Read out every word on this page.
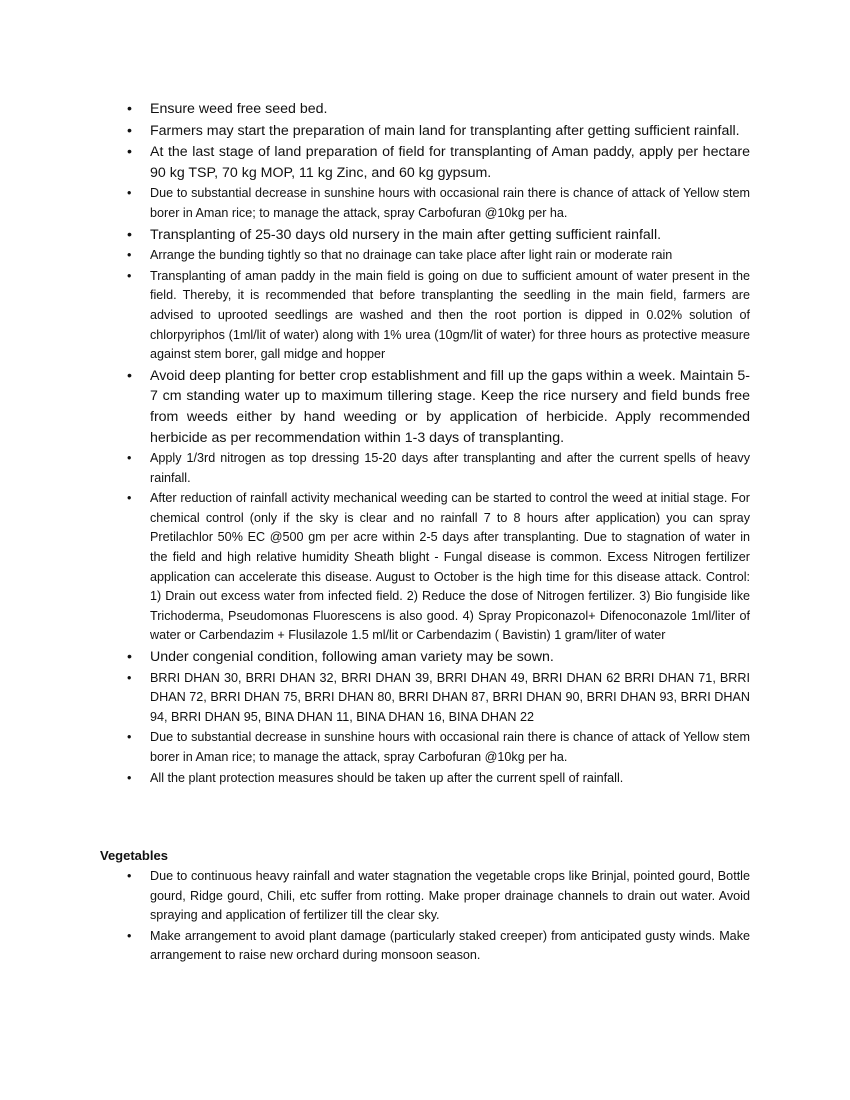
• Ensure weed free seed bed.
• Farmers may start the preparation of main land for transplanting after getting sufficient rainfall.
• At the last stage of land preparation of field for transplanting of Aman paddy, apply per hectare 90 kg TSP, 70 kg MOP, 11 kg Zinc, and 60 kg gypsum.
• Due to substantial decrease in sunshine hours with occasional rain there is chance of attack of Yellow stem borer in Aman rice; to manage the attack, spray Carbofuran @10kg per ha.
• Transplanting of 25-30 days old nursery in the main after getting sufficient rainfall.
• Arrange the bunding tightly so that no drainage can take place after light rain or moderate rain
• Transplanting of aman paddy in the main field is going on due to sufficient amount of water present in the field. Thereby, it is recommended that before transplanting the seedling in the main field, farmers are advised to uprooted seedlings are washed and then the root portion is dipped in 0.02% solution of chlorpyriphos (1ml/lit of water) along with 1% urea (10gm/lit of water) for three hours as protective measure against stem borer, gall midge and hopper
• Avoid deep planting for better crop establishment and fill up the gaps within a week. Maintain 5-7 cm standing water up to maximum tillering stage. Keep the rice nursery and field bunds free from weeds either by hand weeding or by application of herbicide. Apply recommended herbicide as per recommendation within 1-3 days of transplanting.
• Apply 1/3rd nitrogen as top dressing 15-20 days after transplanting and after the current spells of heavy rainfall.
• After reduction of rainfall activity mechanical weeding can be started to control the weed at initial stage. For chemical control (only if the sky is clear and no rainfall 7 to 8 hours after application) you can spray Pretilachlor 50% EC @500 gm per acre within 2-5 days after transplanting. Due to stagnation of water in the field and high relative humidity Sheath blight - Fungal disease is common. Excess Nitrogen fertilizer application can accelerate this disease. August to October is the high time for this disease attack. Control: 1) Drain out excess water from infected field. 2) Reduce the dose of Nitrogen fertilizer. 3) Bio fungiside like Trichoderma, Pseudomonas Fluorescens is also good. 4) Spray Propiconazol+ Difenoconazole 1ml/liter of water or Carbendazim + Flusilazole 1.5 ml/lit or Carbendazim ( Bavistin) 1 gram/liter of water
• Under congenial condition, following aman variety may be sown.
• BRRI DHAN 30, BRRI DHAN 32, BRRI DHAN 39, BRRI DHAN 49, BRRI DHAN 62 BRRI DHAN 71, BRRI DHAN 72, BRRI DHAN 75, BRRI DHAN 80, BRRI DHAN 87, BRRI DHAN 90, BRRI DHAN 93, BRRI DHAN 94, BRRI DHAN 95, BINA DHAN 11, BINA DHAN 16, BINA DHAN 22
• Due to substantial decrease in sunshine hours with occasional rain there is chance of attack of Yellow stem borer in Aman rice; to manage the attack, spray Carbofuran @10kg per ha.
• All the plant protection measures should be taken up after the current spell of rainfall.
Vegetables
• Due to continuous heavy rainfall and water stagnation the vegetable crops like Brinjal, pointed gourd, Bottle gourd, Ridge gourd, Chili, etc suffer from rotting. Make proper drainage channels to drain out water. Avoid spraying and application of fertilizer till the clear sky.
• Make arrangement to avoid plant damage (particularly staked creeper) from anticipated gusty winds. Make arrangement to raise new orchard during monsoon season.
